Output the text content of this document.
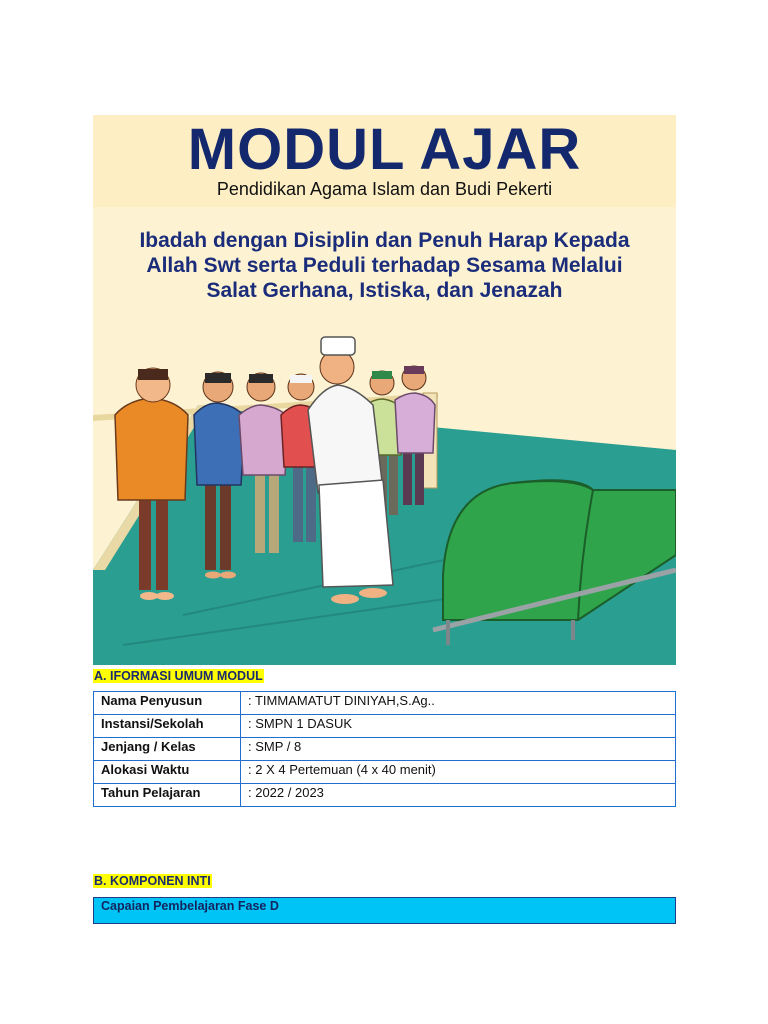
MODUL AJAR
Pendidikan Agama Islam dan Budi Pekerti
Ibadah dengan Disiplin dan Penuh Harap Kepada
Allah Swt serta Peduli terhadap Sesama Melalui
Salat Gerhana, Istiska, dan Jenazah
A. IFORMASI UMUM MODUL
Nama Penyusun	: TIMMAMATUT DINIYAH,S.Ag..
Instansi/Sekolah	: SMPN 1 DASUK
Jenjang / Kelas	: SMP / 8
Alokasi Waktu	: 2 X 4 Pertemuan (4 x 40 menit)
Tahun Pelajaran	: 2022 / 2023
B. KOMPONEN INTI
Capaian Pembelajaran Fase D
